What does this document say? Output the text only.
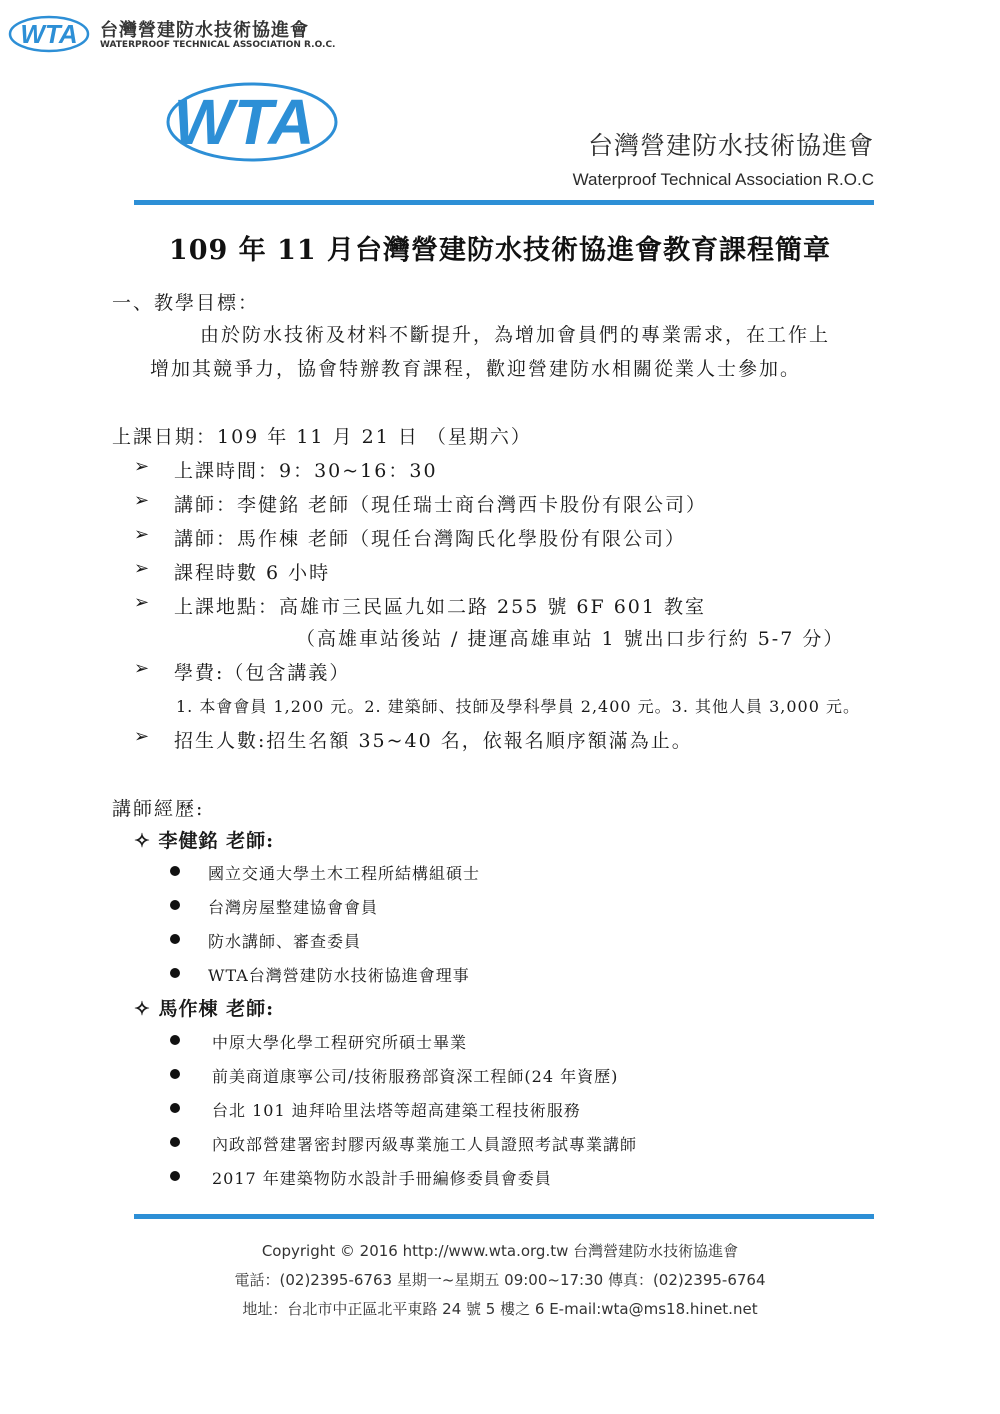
WTA 台灣營建防水技術協進會
WATERPROOF TECHNICAL ASSOCIATION R.O.C.
WTA	台灣營建防水技術協進會
Waterproof Technical Association R.O.C
109 年 11 月台灣營建防水技術協進會教育課程簡章
一、教學目標：
由於防水技術及材料不斷提升，為增加會員們的專業需求，在工作上
增加其競爭力，協會特辦教育課程，歡迎營建防水相關從業人士參加。
上課日期：109 年 11 月 21 日 （星期六）
➢ 上課時間：9：30~16：30
➢ 講師：李健銘 老師（現任瑞士商台灣西卡股份有限公司）
➢ 講師：馬作棟 老師（現任台灣陶氏化學股份有限公司）
➢ 課程時數 6 小時
➢ 上課地點：高雄市三民區九如二路 255 號 6F 601 教室
（高雄車站後站 / 捷運高雄車站 1 號出口步行約 5-7 分）
➢ 學費:（包含講義）
1. 本會會員 1,200 元。2. 建築師、技師及學科學員 2,400 元。3. 其他人員 3,000 元。
➢ 招生人數:招生名額 35~40 名，依報名順序額滿為止。
講師經歷:
✧ 李健銘 老師:
國立交通大學土木工程所結構組碩士
台灣房屋整建協會會員
防水講師、審查委員
WTA台灣營建防水技術協進會理事
✧ 馬作棟 老師:
中原大學化學工程研究所碩士畢業
前美商道康寧公司/技術服務部資深工程師(24 年資歷)
台北 101 迪拜哈里法塔等超高建築工程技術服務
內政部營建署密封膠丙級專業施工人員證照考試專業講師
2017 年建築物防水設計手冊編修委員會委員
Copyright © 2016 http://www.wta.org.tw 台灣營建防水技術協進會
電話：(02)2395-6763 星期一~星期五 09:00~17:30 傳真：(02)2395-6764
地址：台北市中正區北平東路 24 號 5 樓之 6 E-mail:wta@ms18.hinet.net
